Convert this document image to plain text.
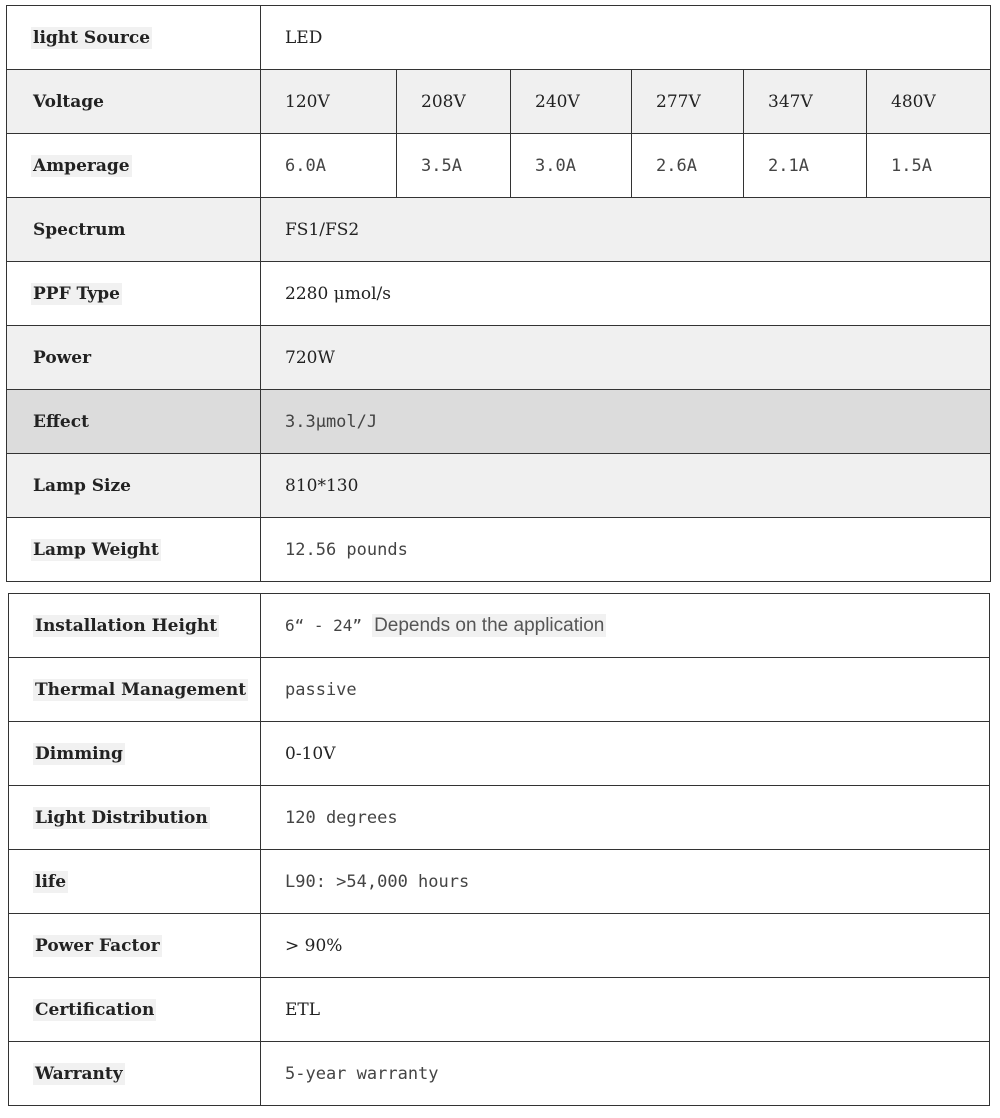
light Source	LED					
Voltage	120V	208V	240V	277V	347V	480V
Amperage	6.0A	3.5A	3.0A	2.6A	2.1A	1.5A
Spectrum	FS1/FS2					
PPF Type	2280 μmol/s					
Power	720W					
Effect	3.3μmol/J					
Lamp Size	810*130					
Lamp Weight	12.56 pounds					
Installation Height	6“ - 24” Depends on the application
Thermal Management	passive
Dimming	0-10V
Light Distribution	120 degrees
life	L90: >54,000 hours
Power Factor	> 90%
Certification	ETL
Warranty	5-year warranty
